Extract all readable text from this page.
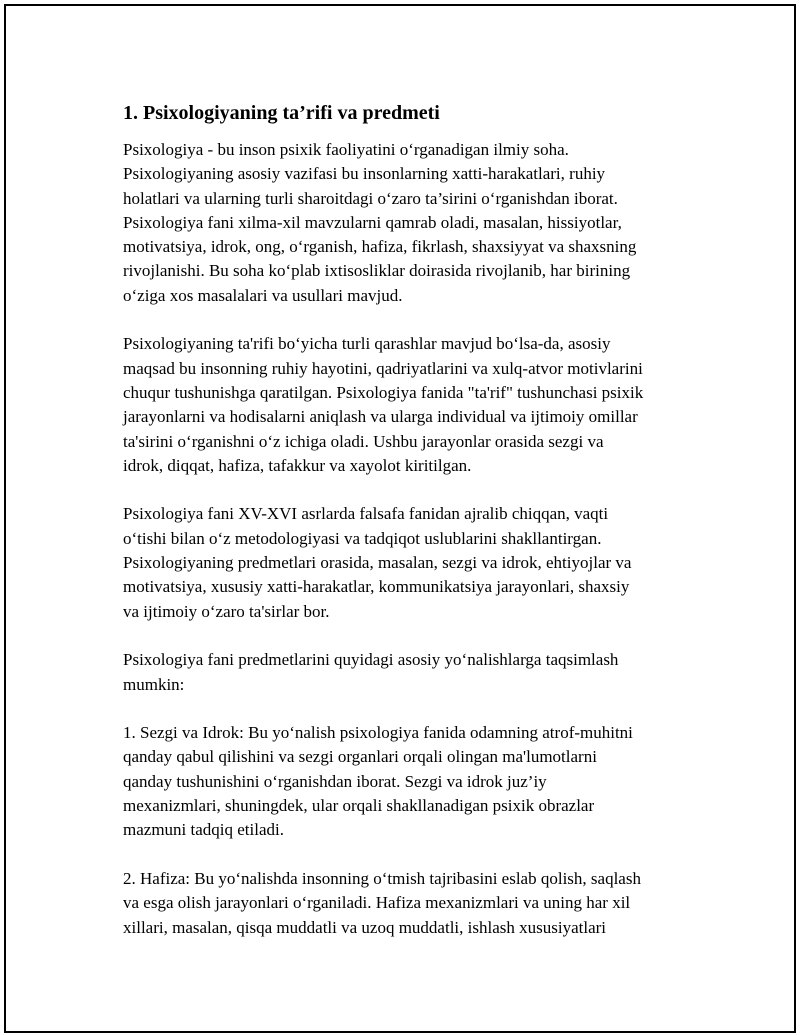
1. Psixologiyaning ta’rifi va predmeti

Psixologiya - bu inson psixik faoliyatini o‘rganadigan ilmiy soha.
Psixologiyaning asosiy vazifasi bu insonlarning xatti-harakatlari, ruhiy
holatlari va ularning turli sharoitdagi o‘zaro ta’sirini o‘rganishdan iborat.
Psixologiya fani xilma-xil mavzularni qamrab oladi, masalan, hissiyotlar,
motivatsiya, idrok, ong, o‘rganish, hafiza, fikrlash, shaxsiyyat va shaxsning
rivojlanishi. Bu soha ko‘plab ixtisosliklar doirasida rivojlanib, har birining
o‘ziga xos masalalari va usullari mavjud.

Psixologiyaning ta'rifi bo‘yicha turli qarashlar mavjud bo‘lsa-da, asosiy
maqsad bu insonning ruhiy hayotini, qadriyatlarini va xulq-atvor motivlarini
chuqur tushunishga qaratilgan. Psixologiya fanida "ta'rif" tushunchasi psixik
jarayonlarni va hodisalarni aniqlash va ularga individual va ijtimoiy omillar
ta'sirini o‘rganishni o‘z ichiga oladi. Ushbu jarayonlar orasida sezgi va
idrok, diqqat, hafiza, tafakkur va xayolot kiritilgan.

Psixologiya fani XV-XVI asrlarda falsafa fanidan ajralib chiqqan, vaqti
o‘tishi bilan o‘z metodologiyasi va tadqiqot uslublarini shakllantirgan.
Psixologiyaning predmetlari orasida, masalan, sezgi va idrok, ehtiyojlar va
motivatsiya, xususiy xatti-harakatlar, kommunikatsiya jarayonlari, shaxsiy
va ijtimoiy o‘zaro ta'sirlar bor.

Psixologiya fani predmetlarini quyidagi asosiy yo‘nalishlarga taqsimlash
mumkin:

1. Sezgi va Idrok: Bu yo‘nalish psixologiya fanida odamning atrof-muhitni
qanday qabul qilishini va sezgi organlari orqali olingan ma'lumotlarni
qanday tushunishini o‘rganishdan iborat. Sezgi va idrok juz’iy
mexanizmlari, shuningdek, ular orqali shakllanadigan psixik obrazlar
mazmuni tadqiq etiladi.

2. Hafiza: Bu yo‘nalishda insonning o‘tmish tajribasini eslab qolish, saqlash
va esga olish jarayonlari o‘rganiladi. Hafiza mexanizmlari va uning har xil
xillari, masalan, qisqa muddatli va uzoq muddatli, ishlash xususiyatlari
